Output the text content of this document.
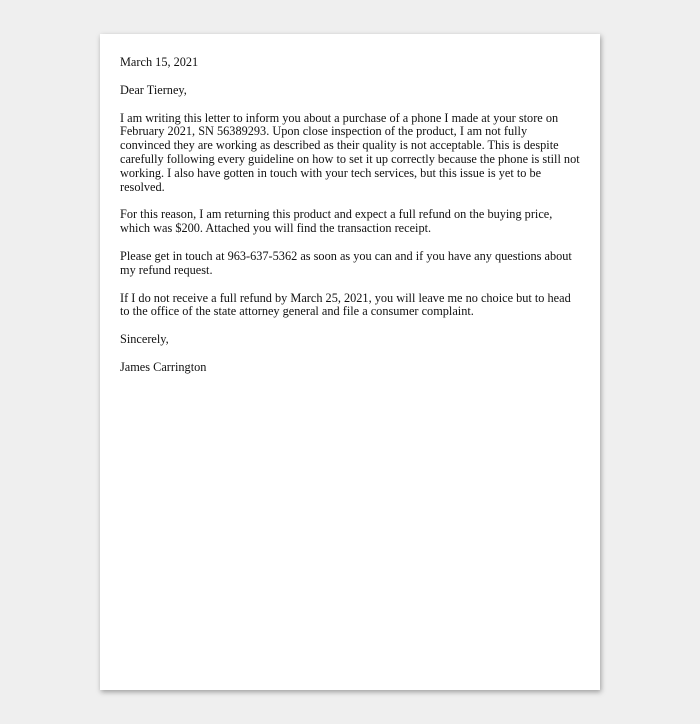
March 15, 2021

Dear Tierney,

I am writing this letter to inform you about a purchase of a phone I made at your store on February 2021, SN 56389293. Upon close inspection of the product, I am not fully convinced they are working as described as their quality is not acceptable. This is despite carefully following every guideline on how to set it up correctly because the phone is still not working. I also have gotten in touch with your tech services, but this issue is yet to be resolved.

For this reason, I am returning this product and expect a full refund on the buying price, which was $200. Attached you will find the transaction receipt.

Please get in touch at 963-637-5362 as soon as you can and if you have any questions about my refund request.

If I do not receive a full refund by March 25, 2021, you will leave me no choice but to head to the office of the state attorney general and file a consumer complaint.

Sincerely,

James Carrington
